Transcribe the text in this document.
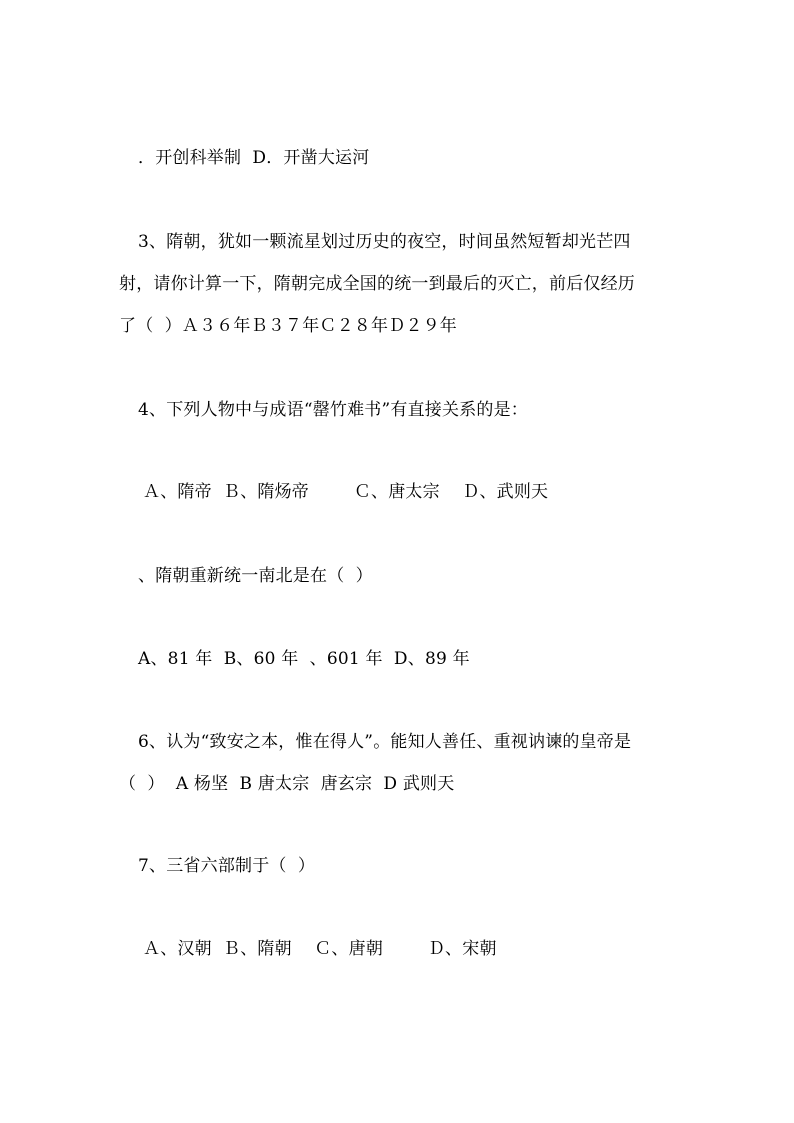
．开创科举制  D．开凿大运河
3、隋朝，犹如一颗流星划过历史的夜空，时间虽然短暂却光芒四
射，请你计算一下，隋朝完成全国的统一到最后的灭亡，前后仅经历
了（  ）Ａ３６年Ｂ３７年Ｃ２８年Ｄ２９年
4、下列人物中与成语“罄竹难书”有直接关系的是：
Ａ、隋帝  Ｂ、隋炀帝        Ｃ、唐太宗    Ｄ、武则天
、隋朝重新统一南北是在（  ）
A、81 年  B、60 年  、601 年  D、89 年
6、认为“致安之本，惟在得人”。能知人善任、重视讷谏的皇帝是
（  ）  A 杨坚  B 唐太宗  唐玄宗  D 武则天
7、三省六部制于（  ）
Ａ、汉朝  Ｂ、隋朝    Ｃ、唐朝        Ｄ、宋朝
